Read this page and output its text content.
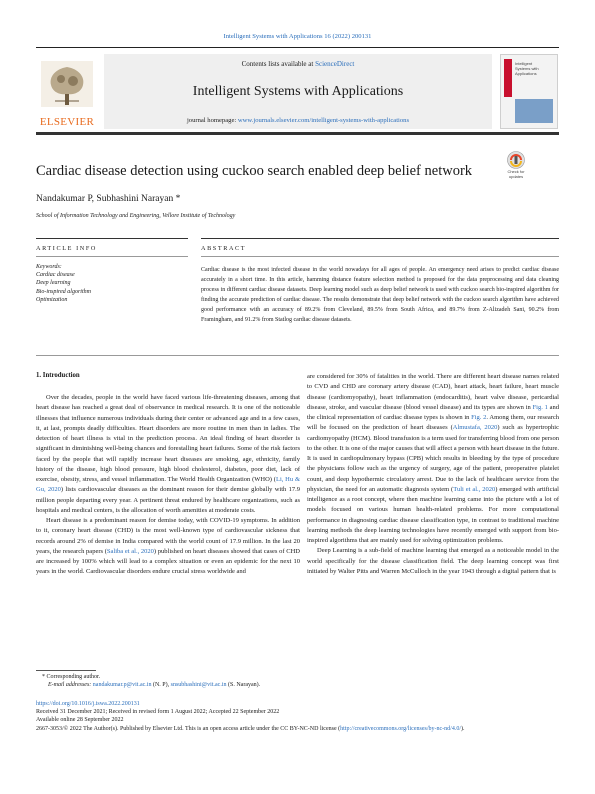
Intelligent Systems with Applications 16 (2022) 200131
ELSEVIER
Contents lists available at ScienceDirect
Intelligent Systems with Applications
journal homepage: www.journals.elsevier.com/intelligent-systems-with-applications
Intelligent
Systems with
Applications
Check for
updates
Cardiac disease detection using cuckoo search enabled deep belief network
Nandakumar P, Subhashini Narayan *
School of Information Technology and Engineering, Vellore Institute of Technology
ARTICLE INFO	ABSTRACT
Keywords:
Cardiac disease
Deep learning
Bio-inspired algorithm
Optimization
Cardiac disease is the most infected disease in the world nowadays for all ages of people. An emergency need arises to predict cardiac disease accurately in a short time. In this article, hamming distance feature selection method is proposed for the data preprocessing and data cleaning process in different cardiac disease datasets. Deep learning model such as deep belief network is used with cuckoo search bio-inspired algorithm for finding the accurate prediction of cardiac disease. The results demonstrate that deep belief network with the cuckoo search algorithm have achieved good performance with an accuracy of 89.2% from Cleveland, 89.5% from South Africa, and 89.7% from Z-Alizadeh Sani, 90.2% from Framingham, and 91.2% from Statlog cardiac disease datasets.
1. Introduction

Over the decades, people in the world have faced various life-threatening diseases, among that heart disease has reached a great deal of observance in medical research. It is one of the noticeable illnesses that influence numerous individuals during their center or advanced age and in a few cases, it, at last, prompts deadly difficulties. Heart disorders are more routine in men than in ladies. The detection of heart illness is vital in the prediction process. An ideal finding of heart disorder is significant in diminishing well-being chances and forestalling heart failures. Some of the risk factors faced by the people that will rapidly increase heart diseases are smoking, age, ethnicity, family history of the disease, high blood pressure, high blood cholesterol, diabetes, poor diet, lack of exercise, obesity, stress, and vessel inflammation. The World Health Organization (WHO) (Li, Hu & Gu, 2020) lists cardiovascular diseases as the dominant reason for their demise globally with 17.9 million people departing every year. A pertinent threat endured by healthcare organizations, such as hospitals and medical centers, is the allocation of worth amenities at moderate costs.

Heart disease is a predominant reason for demise today, with COVID-19 symptoms. In addition to it, coronary heart disease (CHD) is the most well-known type of cardiovascular sickness that records around 2% of demise in India compared with the world count of 17.9 million. In the last 20 years, the research papers (Saliba et al., 2020) published on heart diseases showed that cases of CHD are increased by 100% which will lead to a complex situation or even an epidemic for the next 10 years in the world. Cardiovascular disorders endure crucial stress worldwide and

are considered for 30% of fatalities in the world. There are different heart disease names related to CVD and CHD are coronary artery disease (CAD), heart attack, heart failure, heart muscle disease (cardiomyopathy), heart inflammation (endocarditis), heart valve disease, pericardial disease, stroke, and vascular disease (blood vessel disease) and its types are shown in Fig. 1 and the clinical representation of cardiac disease types is shown in Fig. 2. Among them, our research will be focused on the prediction of heart diseases (Almustafa, 2020) such as hypertrophic cardiomyopathy (HCM). Blood transfusion is a term used for transferring blood from one person to the other. It is one of the major causes that will affect a person with heart disease in the future. It is used in cardiopulmonary bypass (CPB) which results in bleeding by the type of procedure the physicians follow such as the urgency of surgery, age of the patient, preoperative platelet count, and deep hypothermic circulatory arrest. Due to the lack of healthcare service from the physician, the need for an automatic diagnosis system (Tuli et al., 2020) emerged with artificial intelligence as a root concept, where then machine learning came into the picture with a lot of models focused on various human health-related problems. For more computational performance in diagnosing cardiac disease classification type, in contrast to traditional machine learning methods the deep learning technologies have recently emerged with support from bio-inspired algorithms that are mainly used for solving optimization problems.

Deep Learning is a sub-field of machine learning that emerged as a noticeable model in the world specifically for the disease classification field. The deep learning concept was first initiated by Walter Pitts and Warren McCulloch in the year 1943 through a digital pattern that is

* Corresponding author.
E-mail addresses: nandakumar.p@vit.ac.in (N. P), snsubhashini@vit.ac.in (S. Narayan).
https://doi.org/10.1016/j.iswa.2022.200131
Received 31 December 2021; Received in revised form 1 August 2022; Accepted 22 September 2022
Available online 28 September 2022
2667-3053/© 2022 The Author(s). Published by Elsevier Ltd. This is an open access article under the CC BY-NC-ND license (http://creativecommons.org/licenses/by-nc-nd/4.0/).
